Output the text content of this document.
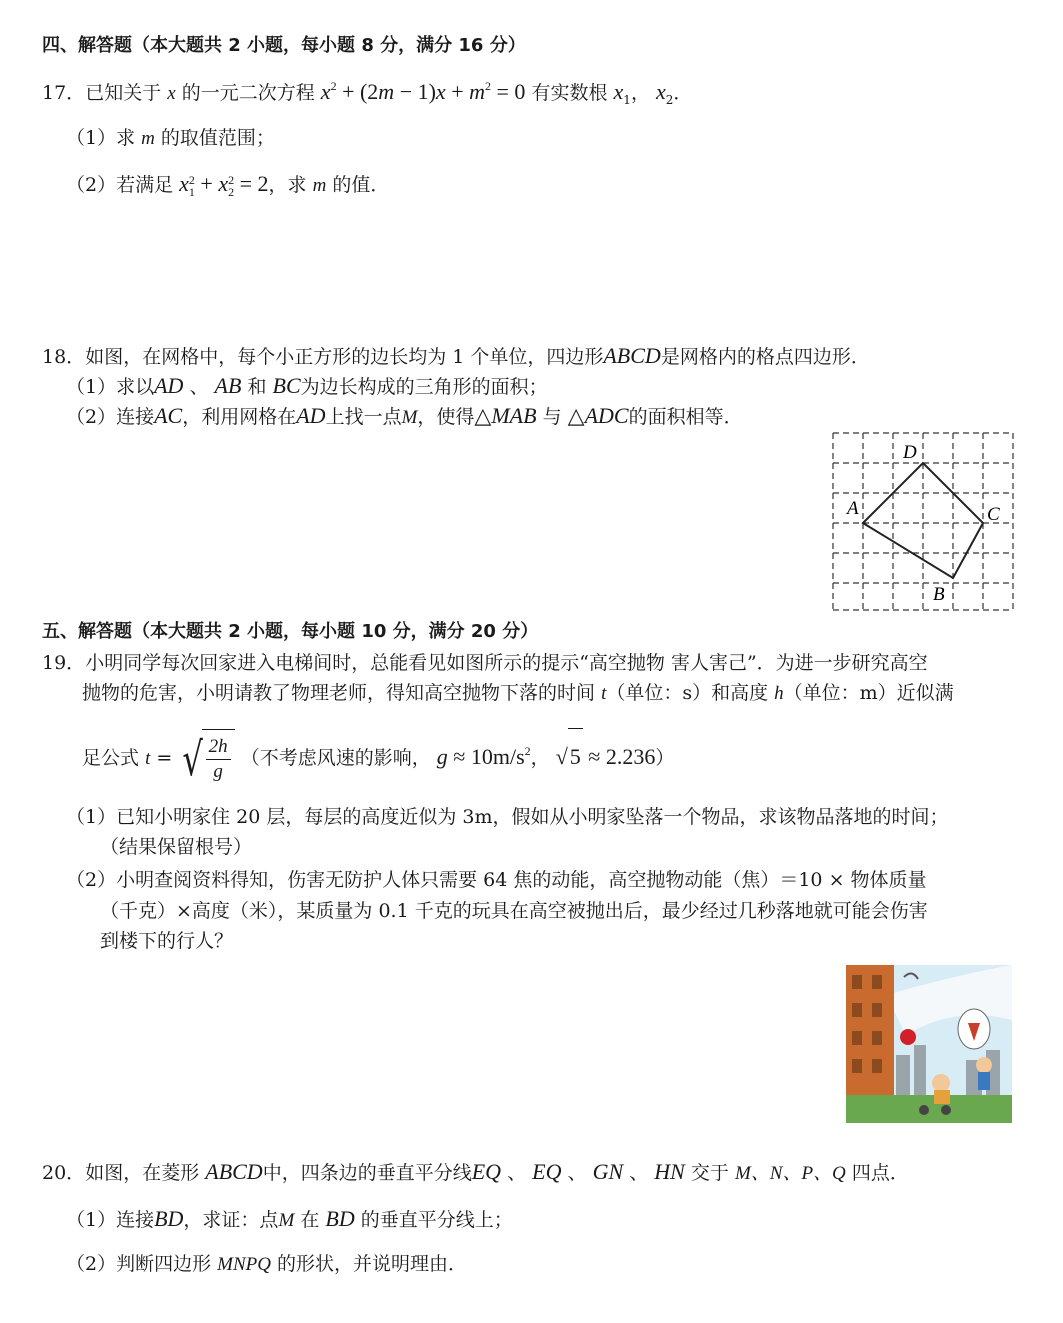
四、解答题（本大题共 2 小题，每小题 8 分，满分 16 分）
17．已知关于 x 的一元二次方程 $x^2 + (2m - 1)x + m^2 = 0$ 有实数根 $x_1$， $x_2$．
（1）求 m 的取值范围；
（2）若满足 x 2
1 + x 2
2 = 2，求 m 的值．
18．如图，在网格中，每个小正方形的边长均为 1 个单位，四边形ABCD是网格内的格点四边形．
（1）求以AD 、 AB 和 BC为边长构成的三角形的面积；
（2）连接AC，利用网格在AD上找一点M，使得△MAB 与 △ADC的面积相等．
A
D
C
B
五、解答题（本大题共 2 小题，每小题 10 分，满分 20 分）
19．小明同学每次回家进入电梯间时，总能看见如图所示的提示“高空抛物 害人害己”．为进一步研究高空
抛物的危害，小明请教了物理老师，得知高空抛物下落的时间 t（单位：s）和高度 h（单位：m）近似满
足公式 t = √ $\frac{2h}{g}$ （不考虑风速的影响， $g \approx 10m/s^2$， √5 ≈ 2.236）
（1）已知小明家住 20 层，每层的高度近似为 3m，假如从小明家坠落一个物品，求该物品落地的时间；
（结果保留根号）
（2）小明查阅资料得知，伤害无防护人体只需要 64 焦的动能，高空抛物动能（焦）＝10 × 物体质量
（千克）×高度（米），某质量为 0.1 千克的玩具在高空被抛出后，最少经过几秒落地就可能会伤害
到楼下的行人？
20．如图，在菱形 ABCD中，四条边的垂直平分线EQ 、 EQ 、 GN 、 HN 交于 M、N、P、Q 四点．
（1）连接BD，求证：点M 在 BD 的垂直平分线上；
（2）判断四边形 MNPQ 的形状，并说明理由．
